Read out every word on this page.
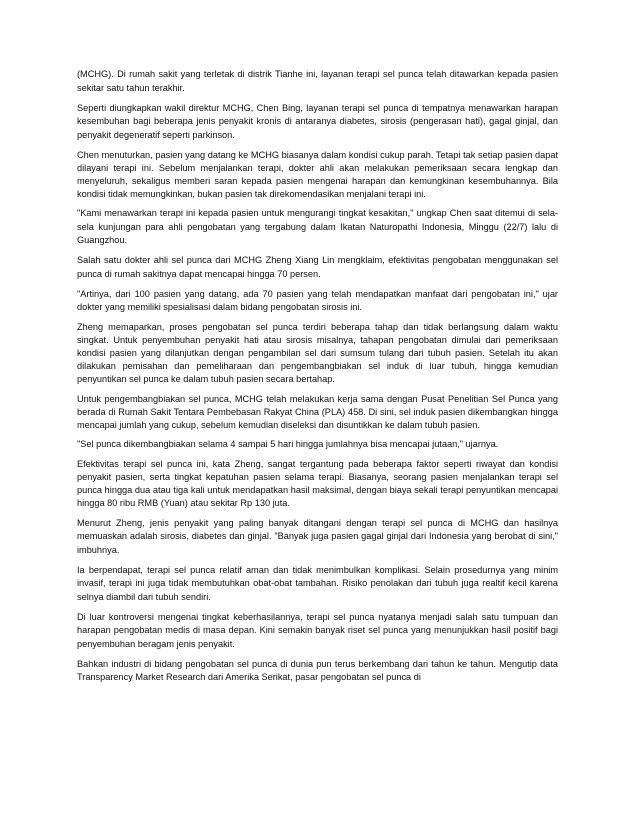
(MCHG). Di rumah sakit yang terletak di distrik Tianhe ini, layanan terapi sel punca telah ditawarkan kepada pasien sekitar satu tahun terakhir.

Seperti diungkapkan wakil direktur MCHG, Chen Bing, layanan terapi sel punca di tempatnya menawarkan harapan kesembuhan bagi beberapa jenis penyakit kronis di antaranya diabetes, sirosis (pengerasan hati), gagal ginjal, dan penyakit degeneratif seperti parkinson.

Chen menuturkan, pasien yang datang ke MCHG biasanya dalam kondisi cukup parah. Tetapi tak setiap pasien dapat dilayani terapi ini. Sebelum menjalankan terapi, dokter ahli akan melakukan pemeriksaan secara lengkap dan menyeluruh, sekaligus memberi saran kepada pasien mengenai harapan dan kemungkinan kesembuhannya. Bila kondisi tidak memungkinkan, bukan pasien tak direkomendasikan menjalani terapi ini.

"Kami menawarkan terapi ini kepada pasien untuk mengurangi tingkat kesakitan," ungkap Chen saat ditemui di sela-sela kunjungan para ahli pengobatan yang tergabung dalam Ikatan Naturopathi Indonesia, Minggu (22/7) lalu di Guangzhou.

Salah satu dokter ahli sel punca dari MCHG Zheng Xiang Lin mengklaim, efektivitas pengobatan menggunakan sel punca di rumah sakitnya dapat mencapai hingga 70 persen.

"Artinya, dari 100 pasien yang datang, ada 70 pasien yang telah mendapatkan manfaat dari pengobatan ini," ujar dokter yang memiliki spesialisasi dalam bidang pengobatan sirosis ini.

Zheng memaparkan, proses pengobatan sel punca terdiri beberapa tahap dan tidak berlangsung dalam waktu singkat. Untuk penyembuhan penyakit hati atau sirosis misalnya, tahapan pengobatan dimulai dari pemeriksaan kondisi pasien yang dilanjutkan dengan pengambilan sel dari sumsum tulang dari tubuh pasien. Setelah itu akan dilakukan pemisahan dan pemeliharaan dan pengembangbiakan sel induk di luar tubuh, hingga kemudian penyuntikan sel punca ke dalam tubuh pasien secara bertahap.

Untuk pengembangbiakan sel punca, MCHG telah melakukan kerja sama dengan Pusat Penelitian Sel Punca yang berada di Rumah Sakit Tentara Pembebasan Rakyat China (PLA) 458. Di sini, sel induk pasien dikembangkan hingga mencapai jumlah yang cukup, sebelum kemudian diseleksi dan disuntikkan ke dalam tubuh pasien.

"Sel punca dikembangbiakan selama 4 sampai 5 hari hingga jumlahnya bisa mencapai jutaan," ujarnya.

Efektivitas terapi sel punca ini, kata Zheng, sangat tergantung pada beberapa faktor seperti riwayat dan kondisi penyakit pasien, serta tingkat kepatuhan pasien selama terapi. Biasanya, seorang pasien menjalankan terapi sel punca hingga dua atau tiga kali untuk mendapatkan hasil maksimal, dengan biaya sekali terapi penyuntikan mencapai hingga 80 ribu RMB (Yuan) atau sekitar Rp 130 juta.

Menurut Zheng, jenis penyakit yang paling banyak ditangani dengan terapi sel punca di MCHG dan hasilnya memuaskan adalah sirosis, diabetes dan ginjal. "Banyak juga pasien gagal ginjal dari Indonesia yang berobat di sini," imbuhnya.

Ia berpendapat, terapi sel punca relatif aman dan tidak menimbulkan komplikasi. Selain prosedurnya yang minim invasif, terapi ini juga tidak membutuhkan obat-obat tambahan. Risiko penolakan dari tubuh juga realtif kecil karena selnya diambil dari tubuh sendiri.

Di luar kontroversi mengenai tingkat keberhasilannya, terapi sel punca nyatanya menjadi salah satu tumpuan dan harapan pengobatan medis di masa depan. Kini semakin banyak riset sel punca yang menunjukkan hasil positif bagi penyembuhan beragam jenis penyakit.

Bahkan industri di bidang pengobatan sel punca di dunia pun terus berkembang dari tahun ke tahun. Mengutip data Transparency Market Research dari Amerika Serikat, pasar pengobatan sel punca di
